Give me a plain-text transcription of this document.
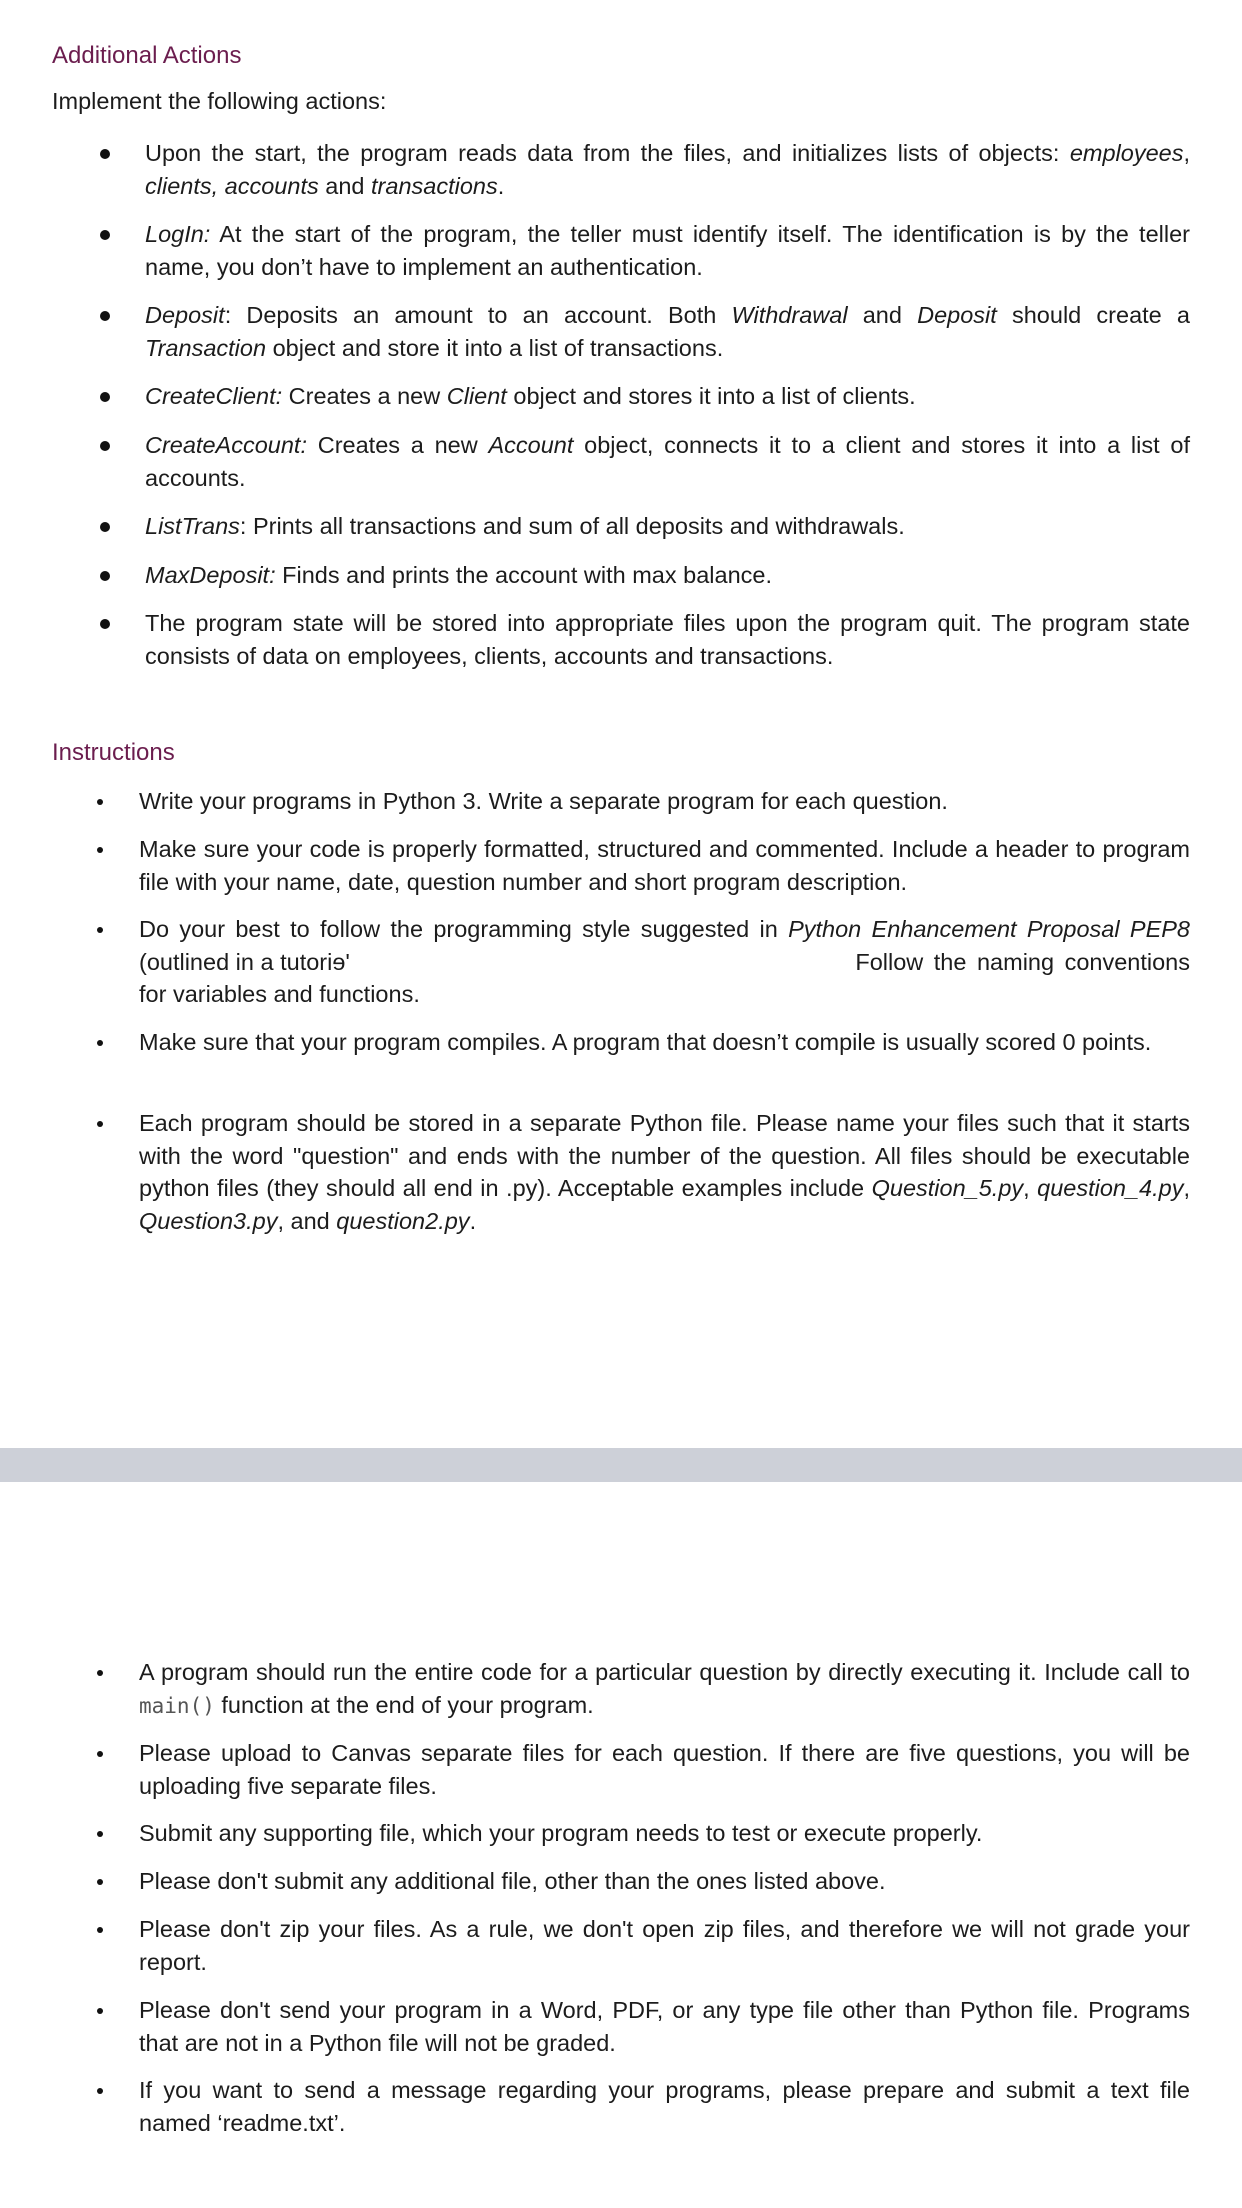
Additional Actions
Implement the following actions:
Upon the start, the program reads data from the files, and initializes lists of objects: employees, clients, accounts and transactions.
LogIn: At the start of the program, the teller must identify itself. The identification is by the teller name, you don’t have to implement an authentication.
Deposit: Deposits an amount to an account. Both Withdrawal and Deposit should create a Transaction object and store it into a list of transactions.
CreateClient: Creates a new Client object and stores it into a list of clients.
CreateAccount: Creates a new Account object, connects it to a client and stores it into a list of accounts.
ListTrans: Prints all transactions and sum of all deposits and withdrawals.
MaxDeposit: Finds and prints the account with max balance.
The program state will be stored into appropriate files upon the program quit. The program state consists of data on employees, clients, accounts and transactions.
Instructions
Write your programs in Python 3. Write a separate program for each question.
Make sure your code is properly formatted, structured and commented. Include a header to program file with your name, date, question number and short program description.
Do your best to follow the programming style suggested in Python Enhancement Proposal PEP8
(outlined in a tutoriɘ'	Follow the naming conventions
for variables and functions.
Make sure that your program compiles. A program that doesn’t compile is usually scored 0 points.
Each program should be stored in a separate Python file. Please name your files such that it starts with the word "question" and ends with the number of the question. All files should be executable python files (they should all end in .py). Acceptable examples include Question_5.py, question_4.py, Question3.py, and question2.py.
A program should run the entire code for a particular question by directly executing it. Include call to main() function at the end of your program.
Please upload to Canvas separate files for each question. If there are five questions, you will be uploading five separate files.
Submit any supporting file, which your program needs to test or execute properly.
Please don't submit any additional file, other than the ones listed above.
Please don't zip your files. As a rule, we don't open zip files, and therefore we will not grade your report.
Please don't send your program in a Word, PDF, or any type file other than Python file. Programs that are not in a Python file will not be graded.
If you want to send a message regarding your programs, please prepare and submit a text file named ‘readme.txt’.
